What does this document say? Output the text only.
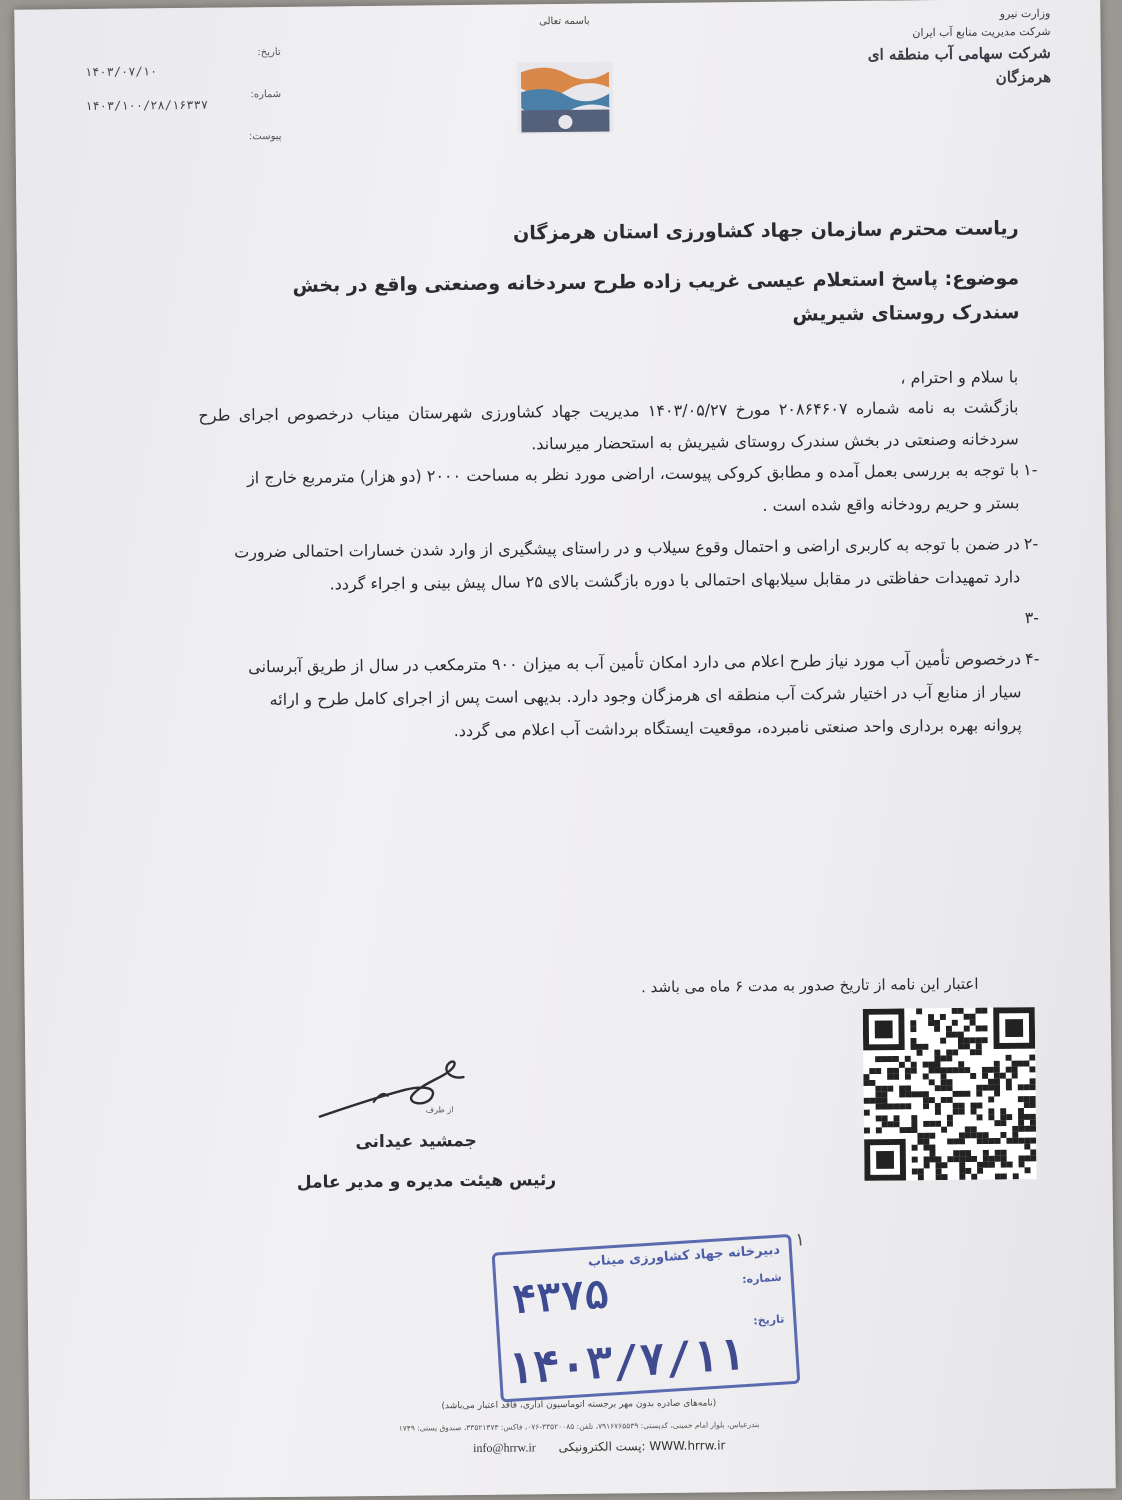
وزارت نیرو
شرکت مدیریت منابع آب ایران
شرکت سهامی آب منطقه ای هرمزگان
باسمه تعالی
تاریخ:
شماره:
پیوست:
۱۴۰۳/۰۷/۱۰
۱۴۰۳/۱۰۰/۲۸/۱۶۳۳۷
ریاست محترم سازمان جهاد کشاورزی استان هرمزگان
موضوع: پاسخ استعلام عیسی غریب زاده طرح سردخانه وصنعتی واقع در بخش سندرک روستای شیریش
با سلام و احترام ،
بازگشت به نامه شماره ۲۰۸۶۴۶۰۷ مورخ ۱۴۰۳/۰۵/۲۷ مدیریت جهاد کشاورزی شهرستان میناب درخصوص اجرای طرح سردخانه وصنعتی در بخش سندرک روستای شیریش به استحضار میرساند.
-۱
با توجه به بررسی بعمل آمده و مطابق کروکی پیوست، اراضی مورد نظر به مساحت ۲۰۰۰ (دو هزار) مترمربع خارج از بستر و حریم رودخانه واقع شده است .
-۲
در ضمن با توجه به کاربری اراضی و احتمال وقوع سیلاب و در راستای پیشگیری از وارد شدن خسارات احتمالی ضرورت دارد تمهیدات حفاظتی در مقابل سیلابهای احتمالی با دوره بازگشت بالای ۲۵ سال پیش بینی و اجراء گردد.
-۳
-۴
درخصوص تأمین آب مورد نیاز طرح اعلام می دارد امکان تأمین آب به میزان ۹۰۰ مترمکعب در سال از طریق آبرسانی سیار از منابع آب در اختیار شرکت آب منطقه ای هرمزگان وجود دارد. بدیهی است پس از اجرای کامل طرح و ارائه پروانه بهره برداری واحد صنعتی نامبرده، موقعیت ایستگاه برداشت آب اعلام می گردد.
اعتبار این نامه از تاریخ صدور به مدت ۶ ماه می باشد .
از طرف
جمشید عیدانی
رئیس هیئت مدیره و مدیر عامل
۱
دبیرخانه جهاد کشاورزی میناب
شماره:
۴۳۷۵	تاریخ:
۱۴۰۳/۷/۱۱
(نامه‌های صادره بدون مهر برجسته اتوماسیون اداری، فاقد اعتبار می‌باشد)
بندرعباس، بلوار امام خمینی، کدپستی: ۷۹۱۶۷۶۵۵۳۹، تلفن: ۳۳۵۲۰۰۸۵-۰۷۶، فاکس: ۳۳۵۲۱۳۷۳، صندوق پستی: ۱۷۴۹
info@hrrw.ir WWW.hrrw.ir :پست الکترونیکی
